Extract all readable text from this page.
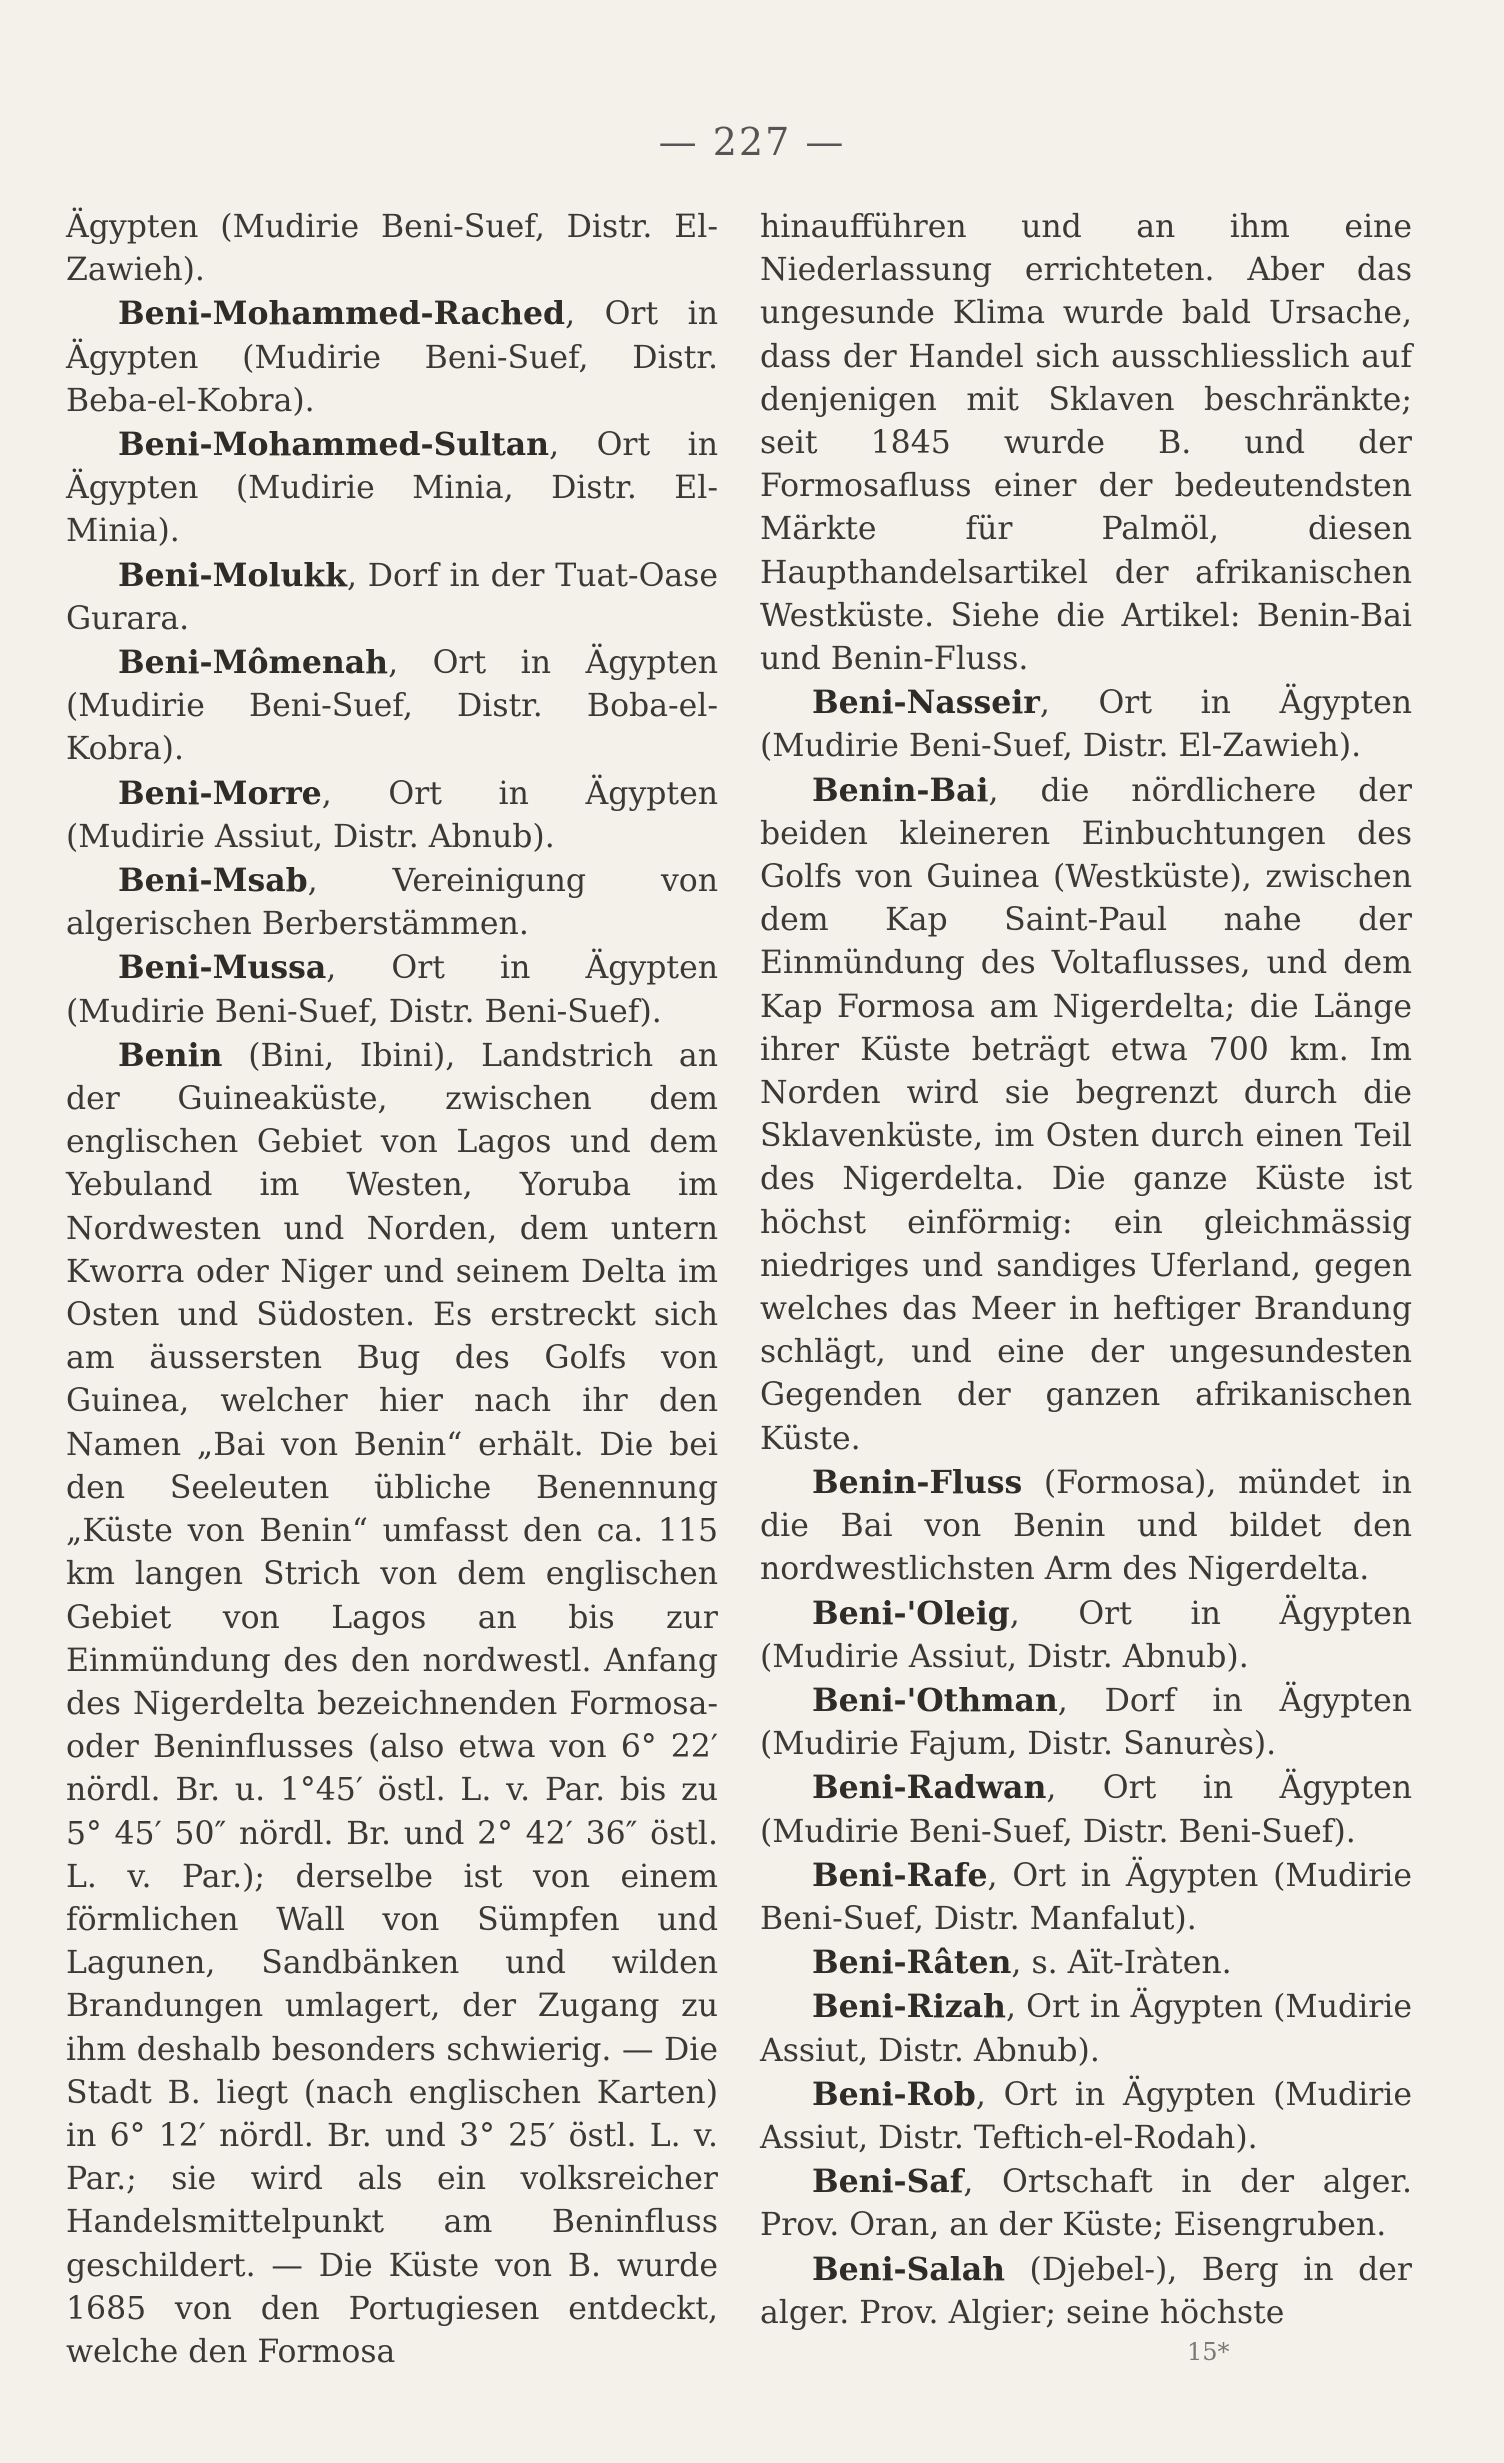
— 227 —

Ägypten (Mudirie Beni-Suef, Distr. El-Zawieh).

Beni-Mohammed-Rached, Ort in Ägypten (Mudirie Beni-Suef, Distr. Beba-el-Kobra).

Beni-Mohammed-Sultan, Ort in Ägypten (Mudirie Minia, Distr. El-Minia).

Beni-Molukk, Dorf in der Tuat-Oase Gurara.

Beni-Mômenah, Ort in Ägypten (Mudirie Beni-Suef, Distr. Boba-el-Kobra).

Beni-Morre, Ort in Ägypten (Mudirie Assiut, Distr. Abnub).

Beni-Msab, Vereinigung von algerischen Berberstämmen.

Beni-Mussa, Ort in Ägypten (Mudirie Beni-Suef, Distr. Beni-Suef).

Benin (Bini, Ibini), Landstrich an der Guineaküste, zwischen dem englischen Gebiet von Lagos und dem Yebuland im Westen, Yoruba im Nordwesten und Norden, dem untern Kworra oder Niger und seinem Delta im Osten und Südosten. Es erstreckt sich am äussersten Bug des Golfs von Guinea, welcher hier nach ihr den Namen „Bai von Benin“ erhält. Die bei den Seeleuten übliche Benennung „Küste von Benin“ umfasst den ca. 115 km langen Strich von dem englischen Gebiet von Lagos an bis zur Einmündung des den nordwestl. Anfang des Nigerdelta bezeichnenden Formosa- oder Beninflusses (also etwa von 6° 22′ nördl. Br. u. 1°45′ östl. L. v. Par. bis zu 5° 45′ 50″ nördl. Br. und 2° 42′ 36″ östl. L. v. Par.); derselbe ist von einem förmlichen Wall von Sümpfen und Lagunen, Sandbänken und wilden Brandungen umlagert, der Zugang zu ihm deshalb besonders schwierig. — Die Stadt B. liegt (nach englischen Karten) in 6° 12′ nördl. Br. und 3° 25′ östl. L. v. Par.; sie wird als ein volksreicher Handelsmittelpunkt am Beninfluss geschildert. — Die Küste von B. wurde 1685 von den Portugiesen entdeckt, welche den Formosa

hinaufführen und an ihm eine Niederlassung errichteten. Aber das ungesunde Klima wurde bald Ursache, dass der Handel sich ausschliesslich auf denjenigen mit Sklaven beschränkte; seit 1845 wurde B. und der Formosafluss einer der bedeutendsten Märkte für Palmöl, diesen Haupthandelsartikel der afrikanischen Westküste. Siehe die Artikel: Benin-Bai und Benin-Fluss.

Beni-Nasseir, Ort in Ägypten (Mudirie Beni-Suef, Distr. El-Zawieh).

Benin-Bai, die nördlichere der beiden kleineren Einbuchtungen des Golfs von Guinea (Westküste), zwischen dem Kap Saint-Paul nahe der Einmündung des Voltaflusses, und dem Kap Formosa am Nigerdelta; die Länge ihrer Küste beträgt etwa 700 km. Im Norden wird sie begrenzt durch die Sklavenküste, im Osten durch einen Teil des Nigerdelta. Die ganze Küste ist höchst einförmig: ein gleichmässig niedriges und sandiges Uferland, gegen welches das Meer in heftiger Brandung schlägt, und eine der ungesundesten Gegenden der ganzen afrikanischen Küste.

Benin-Fluss (Formosa), mündet in die Bai von Benin und bildet den nordwestlichsten Arm des Nigerdelta.

Beni-'Oleig, Ort in Ägypten (Mudirie Assiut, Distr. Abnub).

Beni-'Othman, Dorf in Ägypten (Mudirie Fajum, Distr. Sanurès).

Beni-Radwan, Ort in Ägypten (Mudirie Beni-Suef, Distr. Beni-Suef).

Beni-Rafe, Ort in Ägypten (Mudirie Beni-Suef, Distr. Manfalut).

Beni-Râten, s. Aït-Iràten.

Beni-Rizah, Ort in Ägypten (Mudirie Assiut, Distr. Abnub).

Beni-Rob, Ort in Ägypten (Mudirie Assiut, Distr. Teftich-el-Rodah).

Beni-Saf, Ortschaft in der alger. Prov. Oran, an der Küste; Eisengruben.

Beni-Salah (Djebel-), Berg in der alger. Prov. Algier; seine höchste

15*
